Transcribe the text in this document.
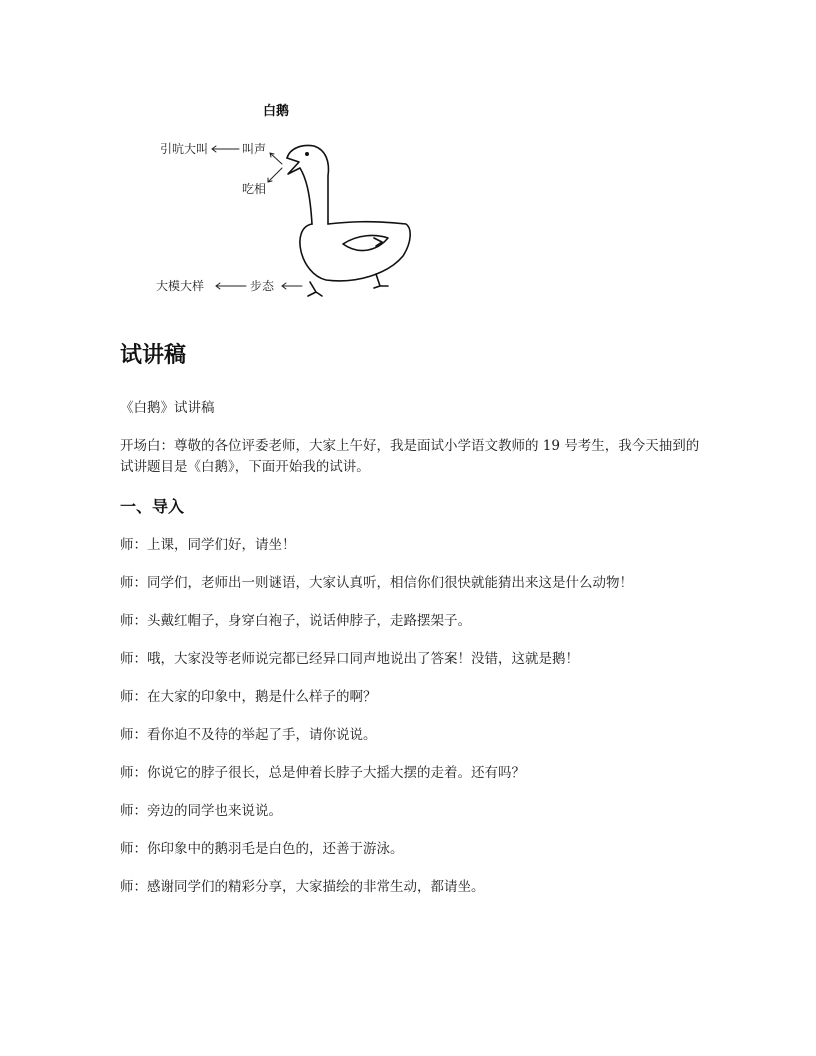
白鹅
引吭大叫	叫声
吃相
大模大样	步态
试讲稿

《白鹅》试讲稿

开场白：尊敬的各位评委老师，大家上午好，我是面试小学语文教师的 19 号考生，我今天抽到的试讲题目是《白鹅》，下面开始我的试讲。

一、导入

师：上课，同学们好，请坐！

师：同学们，老师出一则谜语，大家认真听，相信你们很快就能猜出来这是什么动物！

师：头戴红帽子，身穿白袍子，说话伸脖子，走路摆架子。

师：哦，大家没等老师说完都已经异口同声地说出了答案！没错，这就是鹅！

师：在大家的印象中，鹅是什么样子的啊？

师：看你迫不及待的举起了手，请你说说。

师：你说它的脖子很长，总是伸着长脖子大摇大摆的走着。还有吗？

师：旁边的同学也来说说。

师：你印象中的鹅羽毛是白色的，还善于游泳。

师：感谢同学们的精彩分享，大家描绘的非常生动，都请坐。
